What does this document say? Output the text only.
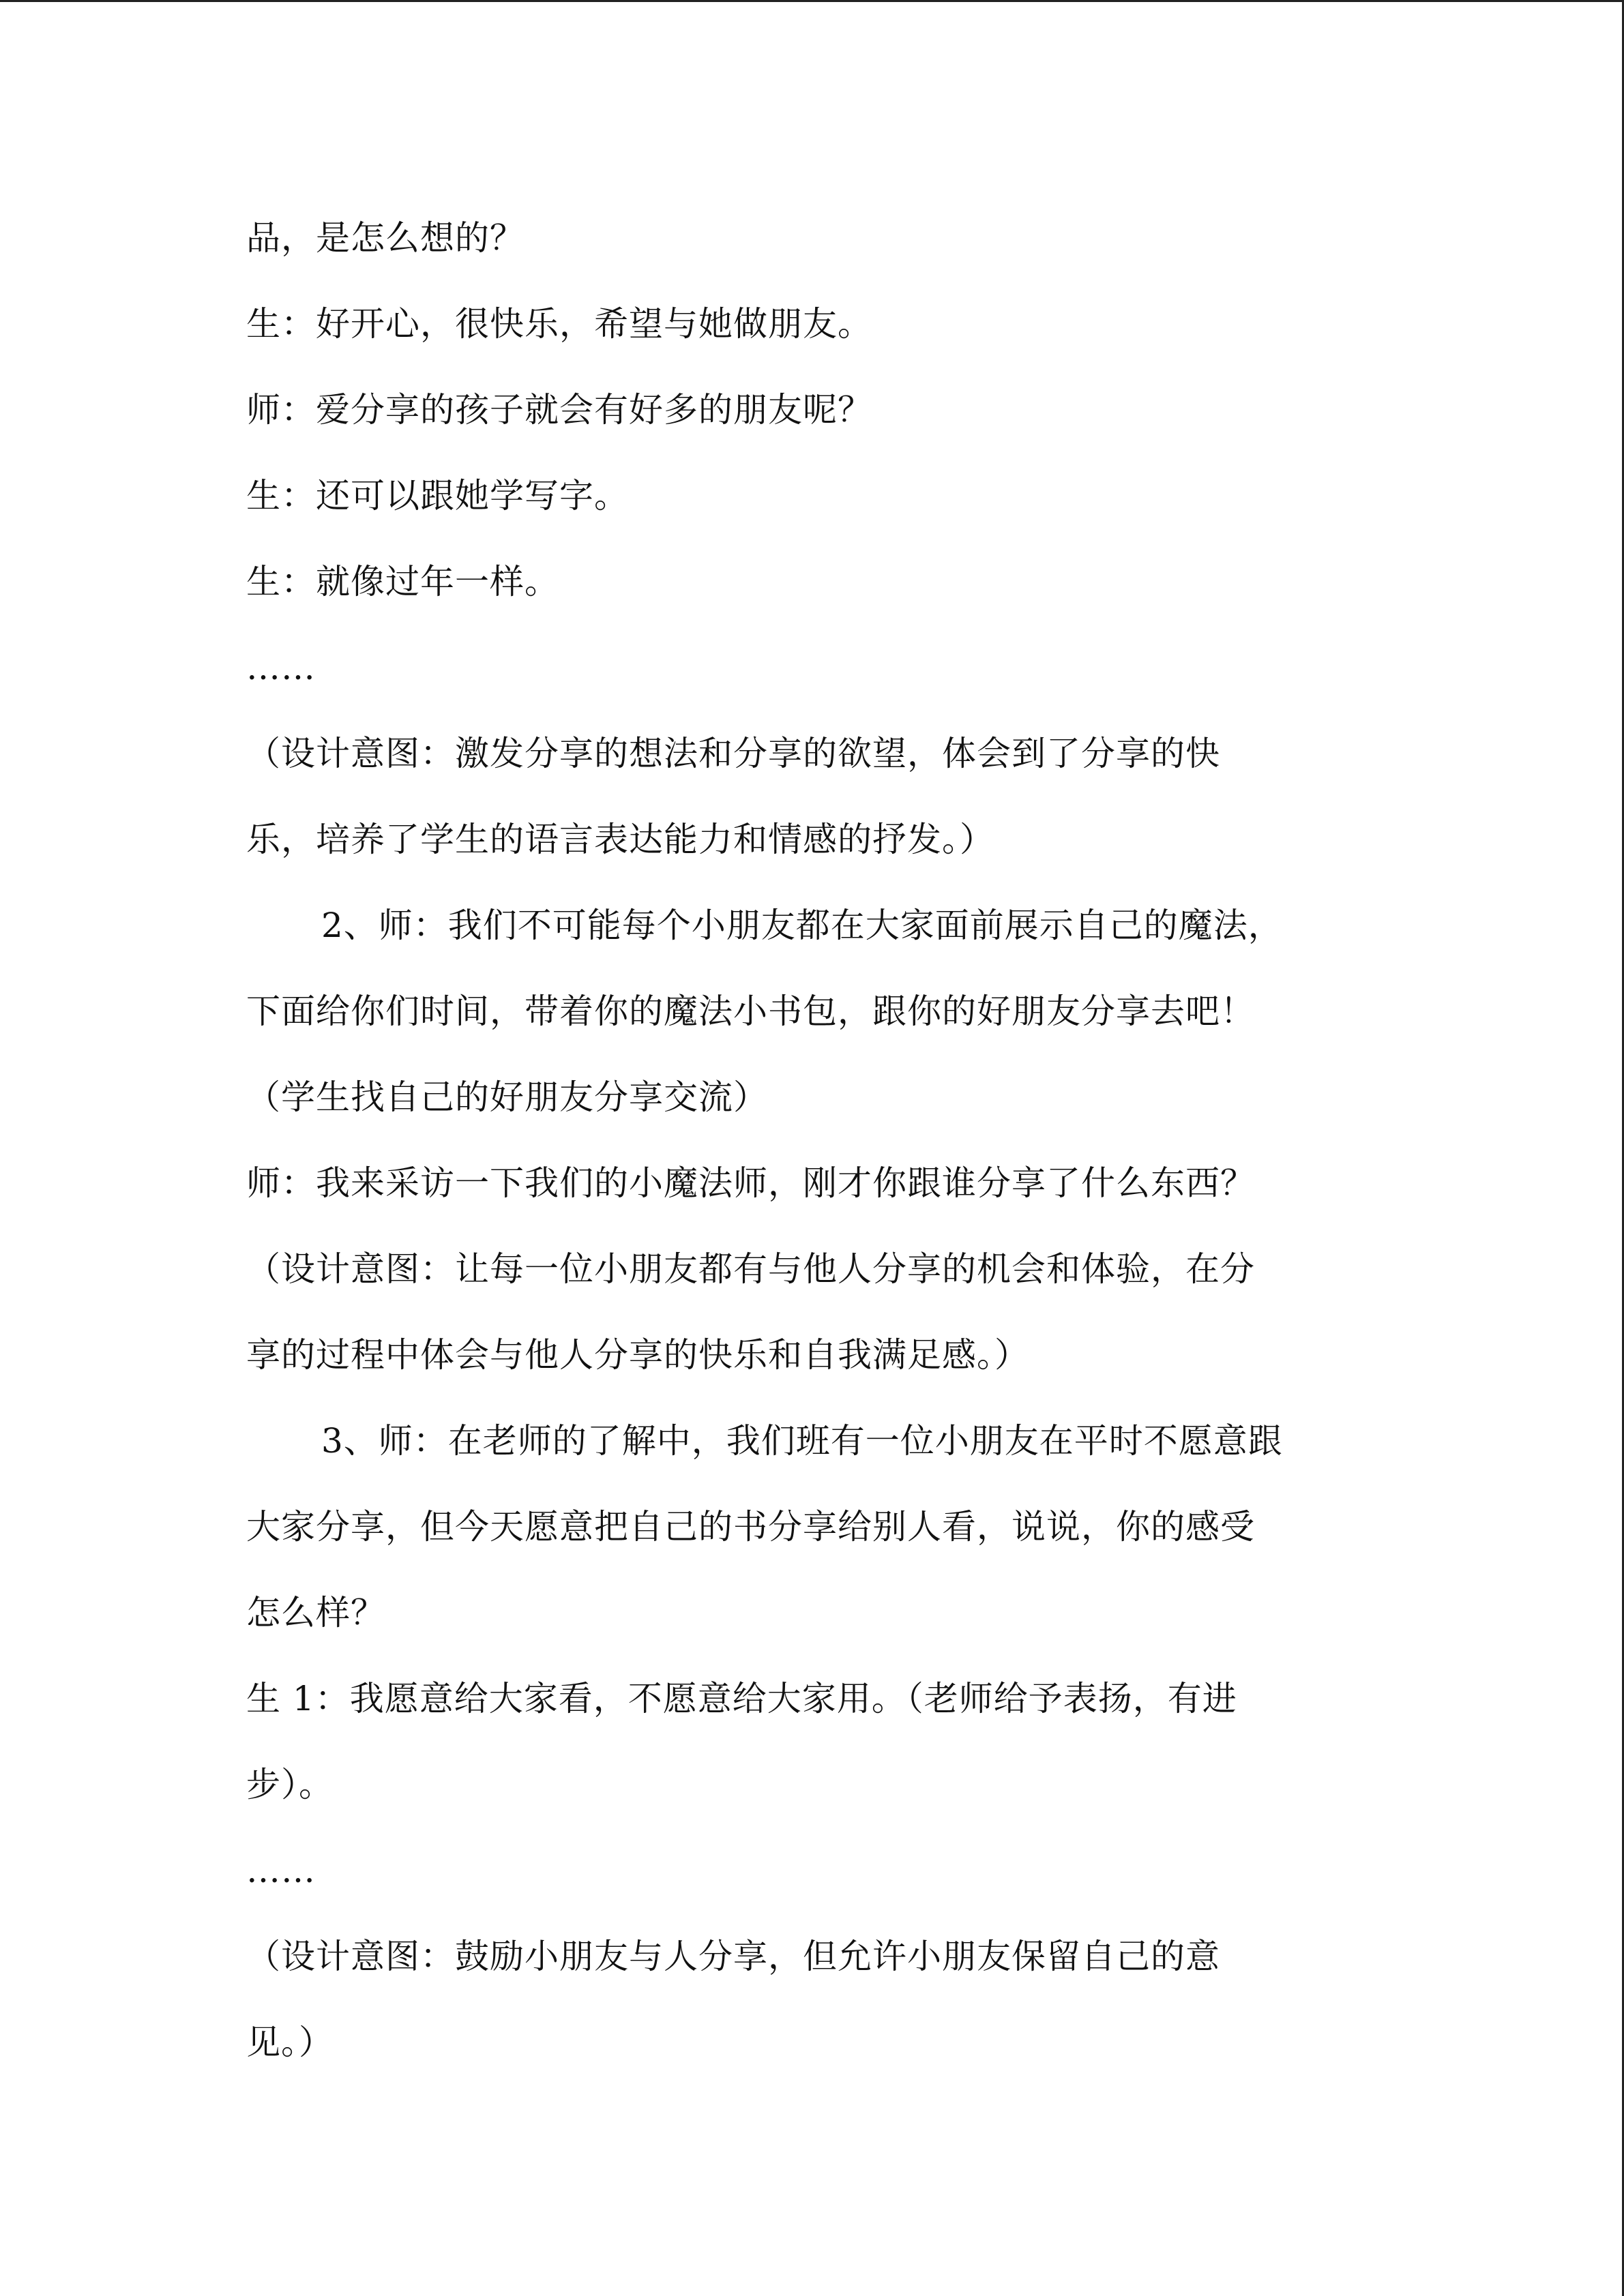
品，是怎么想的？
生：好开心，很快乐，希望与她做朋友。
师：爱分享的孩子就会有好多的朋友呢？
生：还可以跟她学写字。
生：就像过年一样。
……
（设计意图：激发分享的想法和分享的欲望，体会到了分享的快
乐，培养了学生的语言表达能力和情感的抒发。）
2、师：我们不可能每个小朋友都在大家面前展示自己的魔法，
下面给你们时间，带着你的魔法小书包，跟你的好朋友分享去吧！
（学生找自己的好朋友分享交流）
师：我来采访一下我们的小魔法师，刚才你跟谁分享了什么东西？
（设计意图：让每一位小朋友都有与他人分享的机会和体验，在分
享的过程中体会与他人分享的快乐和自我满足感。）
3、师：在老师的了解中，我们班有一位小朋友在平时不愿意跟
大家分享，但今天愿意把自己的书分享给别人看，说说，你的感受
怎么样？
生 1：我愿意给大家看，不愿意给大家用。（老师给予表扬，有进
步）。
……
（设计意图：鼓励小朋友与人分享，但允许小朋友保留自己的意
见。）
